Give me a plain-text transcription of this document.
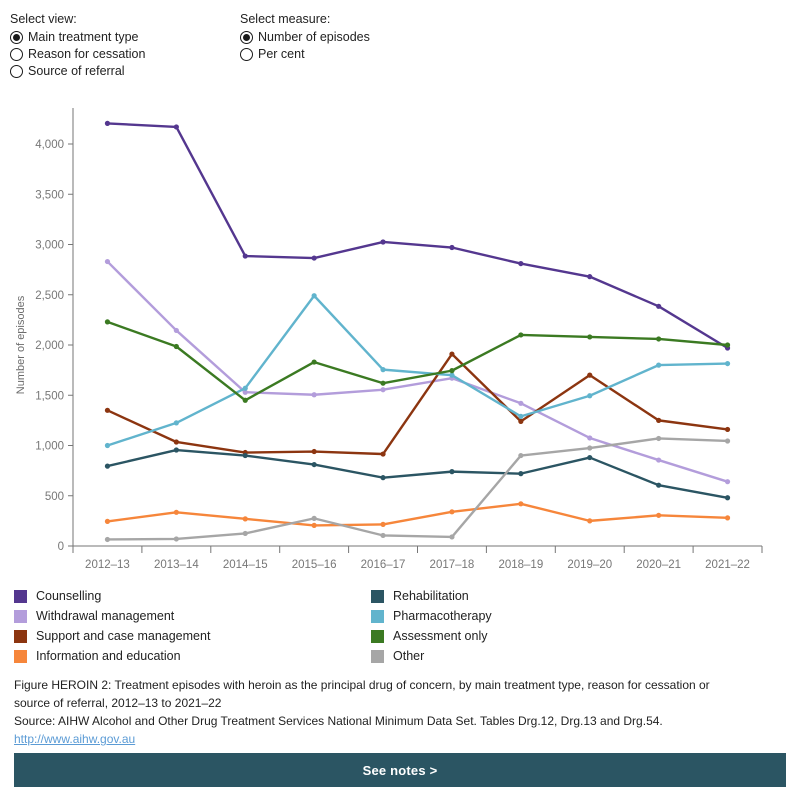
Select view:
Main treatment type
Reason for cessation
Source of referral
Select measure:
Number of episodes
Per cent
0
500
1,000
1,500
2,000
2,500
3,000
3,500
4,000
Number of episodes
2012–13 2013–14 2014–15 2015–16 2016–17 2017–18 2018–19 2019–20 2020–21 2021–22
Counselling
Withdrawal management
Support and case management
Information and education
Rehabilitation
Pharmacotherapy
Assessment only
Other
Figure HEROIN 2: Treatment episodes with heroin as the principal drug of concern, by main treatment type, reason for cessation or
source of referral, 2012–13 to 2021–22
Source: AIHW Alcohol and Other Drug Treatment Services National Minimum Data Set. Tables Drg.12, Drg.13 and Drg.54.
http://www.aihw.gov.au
See notes >
